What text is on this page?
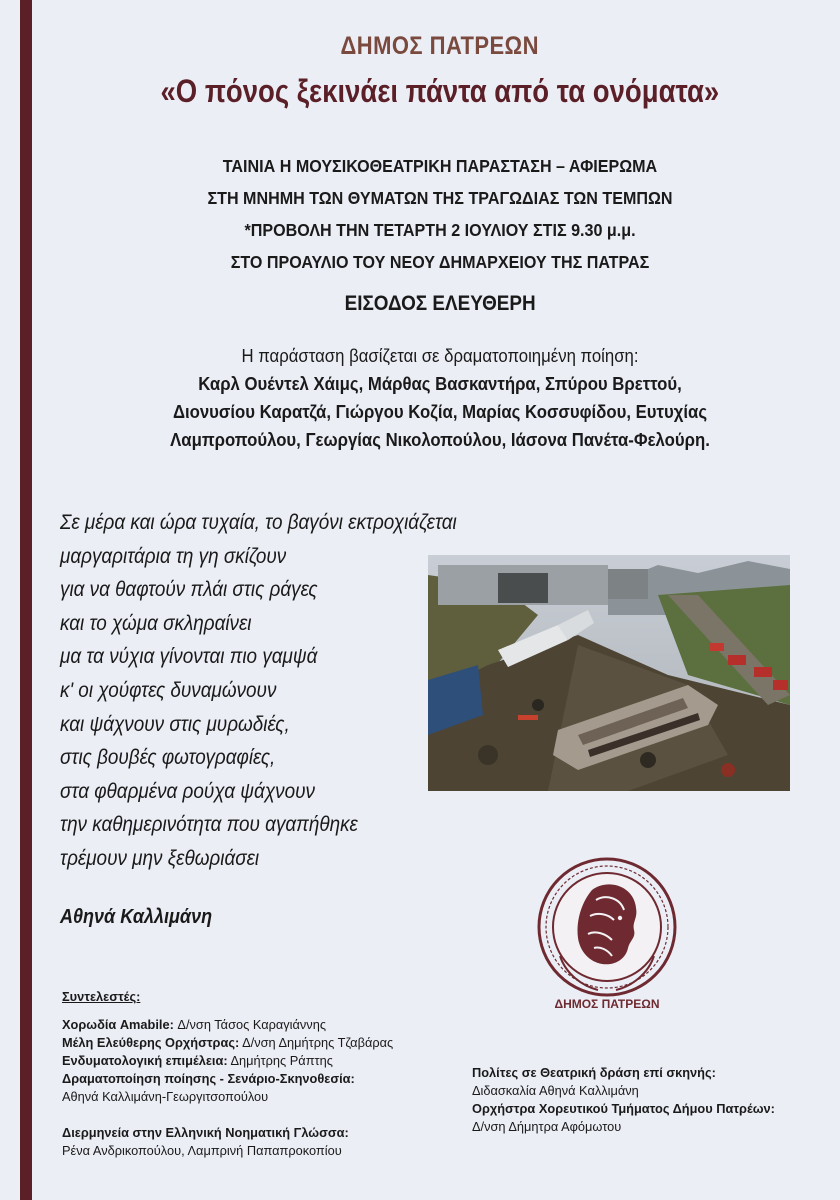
ΔΗΜΟΣ ΠΑΤΡΕΩΝ
«Ο πόνος ξεκινάει πάντα από τα ονόματα»
ΤΑΙΝΙΑ Η ΜΟΥΣΙΚΟΘΕΑΤΡΙΚΗ ΠΑΡΑΣΤΑΣΗ – ΑΦΙΕΡΩΜΑ
ΣΤΗ ΜΝΗΜΗ ΤΩΝ ΘΥΜΑΤΩΝ ΤΗΣ ΤΡΑΓΩΔΙΑΣ ΤΩΝ ΤΕΜΠΩΝ
*ΠΡΟΒΟΛΗ ΤΗΝ ΤΕΤΑΡΤΗ 2 ΙΟΥΛΙΟΥ ΣΤΙΣ 9.30 μ.μ.
ΣΤΟ ΠΡΟΑΥΛΙΟ ΤΟΥ ΝΕΟΥ ΔΗΜΑΡΧΕΙΟΥ ΤΗΣ ΠΑΤΡΑΣ
ΕΙΣΟΔΟΣ ΕΛΕΥΘΕΡΗ
Η παράσταση βασίζεται σε δραματοποιημένη ποίηση:
Καρλ Ουέντελ Χάιμς, Μάρθας Βασκαντήρα, Σπύρου Βρεττού,
Διονυσίου Καρατζά, Γιώργου Κοζία, Μαρίας Κοσσυφίδου, Ευτυχίας
Λαμπροπούλου, Γεωργίας Νικολοπούλου, Ιάσονα Πανέτα-Φελούρη.
Σε μέρα και ώρα τυχαία, το βαγόνι εκτροχιάζεται
μαργαριτάρια τη γη σκίζουν
για να θαφτούν πλάι στις ράγες
και το χώμα σκληραίνει
μα τα νύχια γίνονται πιο γαμψά
κ' οι χούφτες δυναμώνουν
και ψάχνουν στις μυρωδιές,
στις βουβές φωτογραφίες,
στα φθαρμένα ρούχα ψάχνουν
την καθημερινότητα που αγαπήθηκε
τρέμουν μην ξεθωριάσει
Αθηνά Καλλιμάνη
ΔΗΜΟΣ ΠΑΤΡΕΩΝ
Συντελεστές:
Χορωδία Amabile: Δ/νση Τάσος Καραγιάννης
Μέλη Ελεύθερης Ορχήστρας: Δ/νση Δημήτρης Τζαβάρας
Ενδυματολογική επιμέλεια: Δημήτρης Ράπτης
Δραματοποίηση ποίησης - Σενάριο-Σκηνοθεσία:
Αθηνά Καλλιμάνη-Γεωργιτσοπούλου
Διερμηνεία στην Ελληνική Νοηματική Γλώσσα:
Ρένα Ανδρικοπούλου, Λαμπρινή Παπαπροκοπίου
Πολίτες σε Θεατρική δράση επί σκηνής:
Διδασκαλία Αθηνά Καλλιμάνη
Ορχήστρα Χορευτικού Τμήματος Δήμου Πατρέων:
Δ/νση Δήμητρα Αφόμωτου
